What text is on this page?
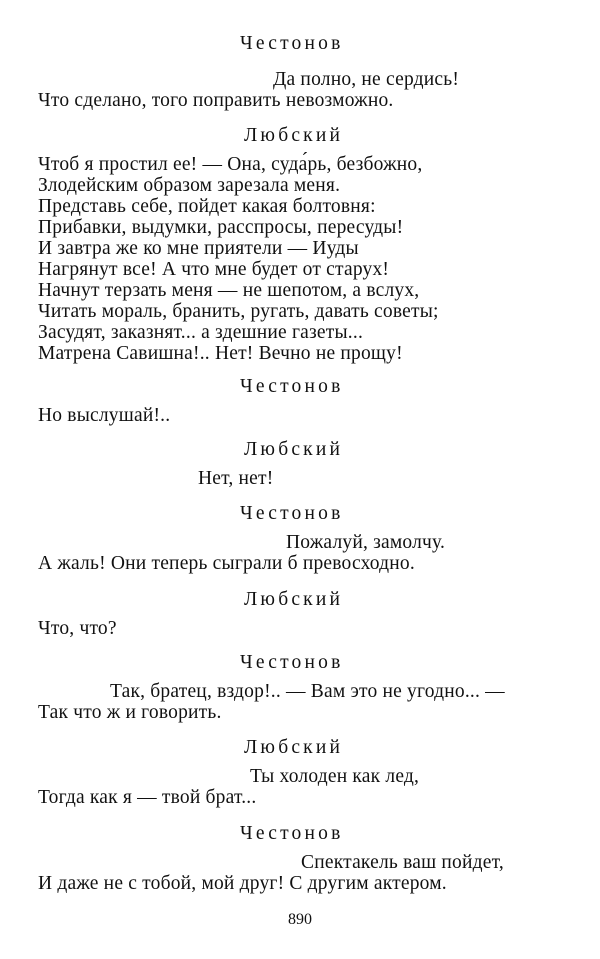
Честонов
Да полно, не сердись!
Что сделано, того поправить невозможно.
Любский
Чтоб я простил ее! — Она, суда́рь, безбожно,
Злодейским образом зарезала меня.
Представь себе, пойдет какая болтовня:
Прибавки, выдумки, расспросы, пересуды!
И завтра же ко мне приятели — Иуды
Нагрянут все! А что мне будет от старух!
Начнут терзать меня — не шепотом, а вслух,
Читать мораль, бранить, ругать, давать советы;
Засудят, заказнят... а здешние газеты...
Матрена Савишна!.. Нет! Вечно не прощу!
Честонов
Но выслушай!..
Любский
Нет, нет!
Честонов
Пожалуй, замолчу.
А жаль! Они теперь сыграли б превосходно.
Любский
Что, что?
Честонов
Так, братец, вздор!.. — Вам это не угодно... —
Так что ж и говорить.
Любский
Ты холоден как лед,
Тогда как я — твой брат...
Честонов
Спектакель ваш пойдет,
И даже не с тобой, мой друг! С другим актером.
890
